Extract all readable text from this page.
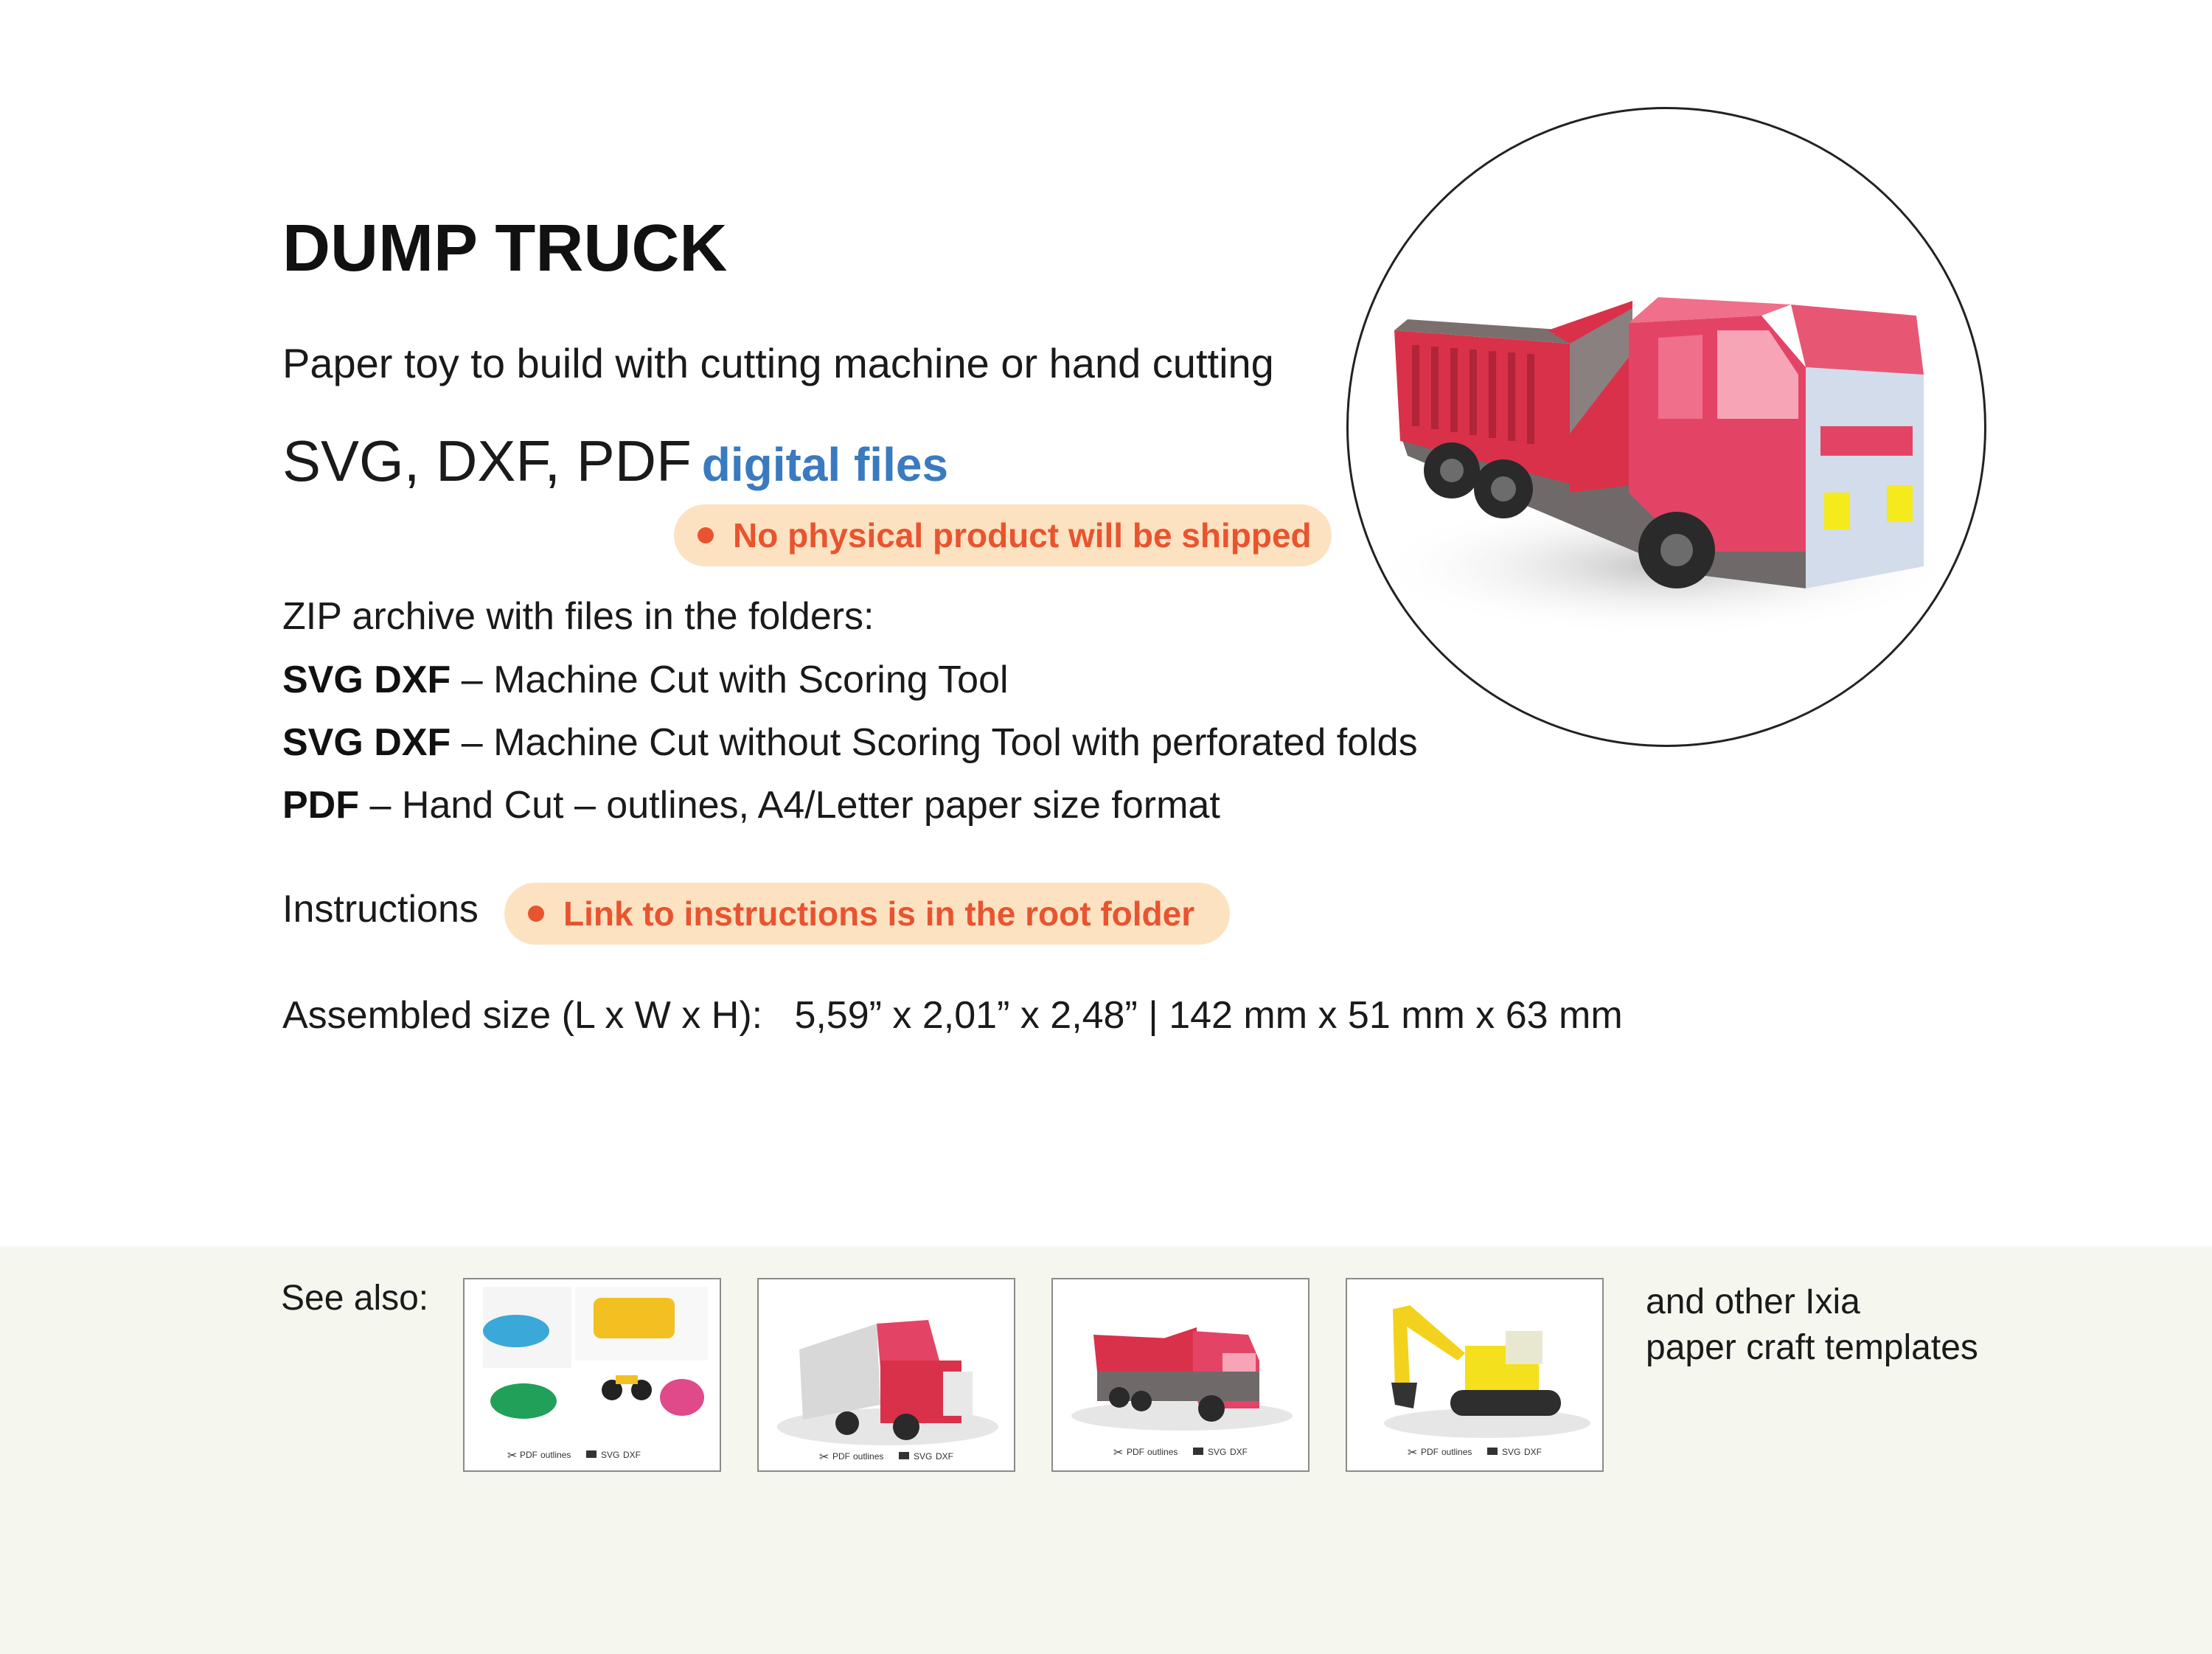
DUMP TRUCK
Paper toy to build with cutting machine or hand cutting
SVG, DXF, PDF digital files
No physical product will be shipped
ZIP archive with files in the folders:
SVG DXF – Machine Cut with Scoring Tool
SVG DXF – Machine Cut without Scoring Tool with perforated folds
PDF – Hand Cut – outlines, A4/Letter paper size format
Instructions	Link to instructions is in the root folder
Assembled size (L x W x H): 5,59” x 2,01” x 2,48” | 142 mm x 51 mm x 63 mm
See also:
PDF outlines	SVG DXF
✂	PDF outlines	SVG DXF
✂	PDF outlines	SVG DXF
✂	PDF outlines	SVG DXF
✂
and other Ixia
paper craft templates
